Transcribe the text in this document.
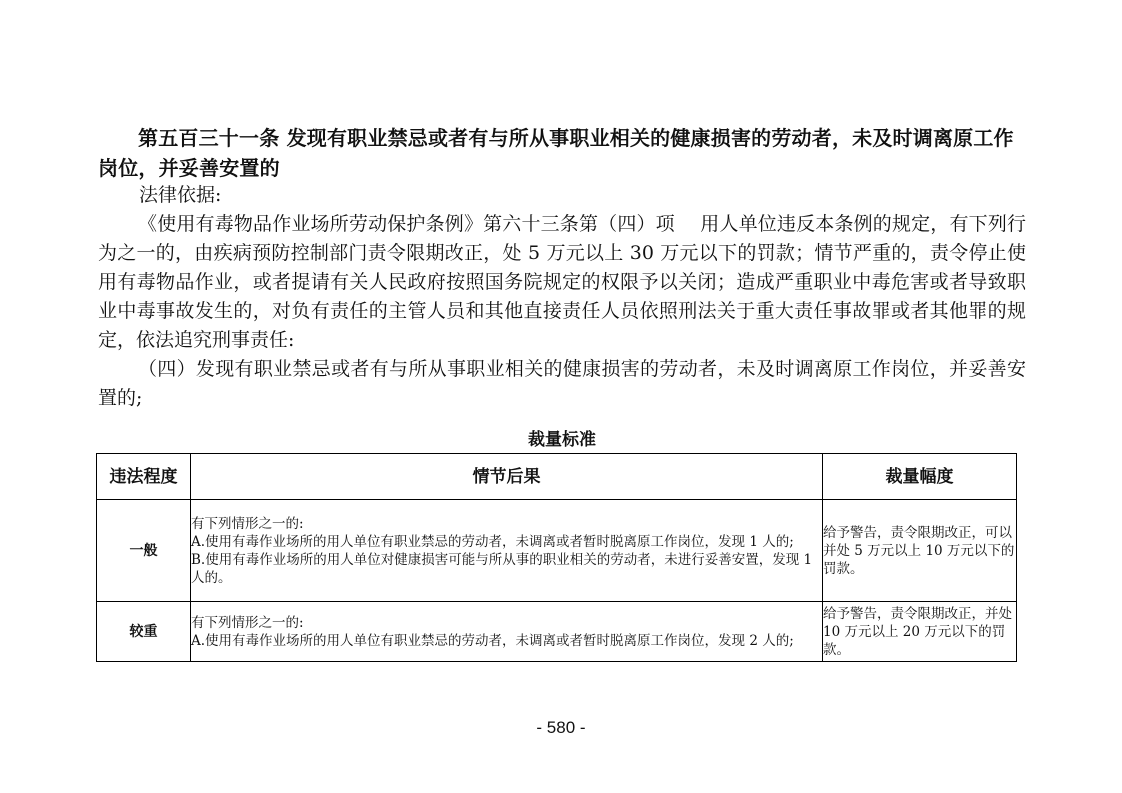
第五百三十一条 发现有职业禁忌或者有与所从事职业相关的健康损害的劳动者，未及时调离原工作岗位，并妥善安置的
法律依据:
《使用有毒物品作业场所劳动保护条例》第六十三条第（四）项　 用人单位违反本条例的规定，有下列行为之一的，由疾病预防控制部门责令限期改正，处 5 万元以上 30 万元以下的罚款；情节严重的，责令停止使用有毒物品作业，或者提请有关人民政府按照国务院规定的权限予以关闭；造成严重职业中毒危害或者导致职业中毒事故发生的，对负有责任的主管人员和其他直接责任人员依照刑法关于重大责任事故罪或者其他罪的规定，依法追究刑事责任:
（四）发现有职业禁忌或者有与所从事职业相关的健康损害的劳动者，未及时调离原工作岗位，并妥善安置的;
裁量标准
违法程度	情节后果	裁量幅度
一般	有下列情形之一的:
A.使用有毒作业场所的用人单位有职业禁忌的劳动者，未调离或者暂时脱离原工作岗位，发现 1 人的;
B.使用有毒作业场所的用人单位对健康损害可能与所从事的职业相关的劳动者，未进行妥善安置，发现 1 人的。	给予警告，责令限期改正，可以并处 5 万元以上 10 万元以下的罚款。
较重	有下列情形之一的:
A.使用有毒作业场所的用人单位有职业禁忌的劳动者，未调离或者暂时脱离原工作岗位，发现 2 人的;	给予警告，责令限期改正，并处 10 万元以上 20 万元以下的罚款。
- 580 -
